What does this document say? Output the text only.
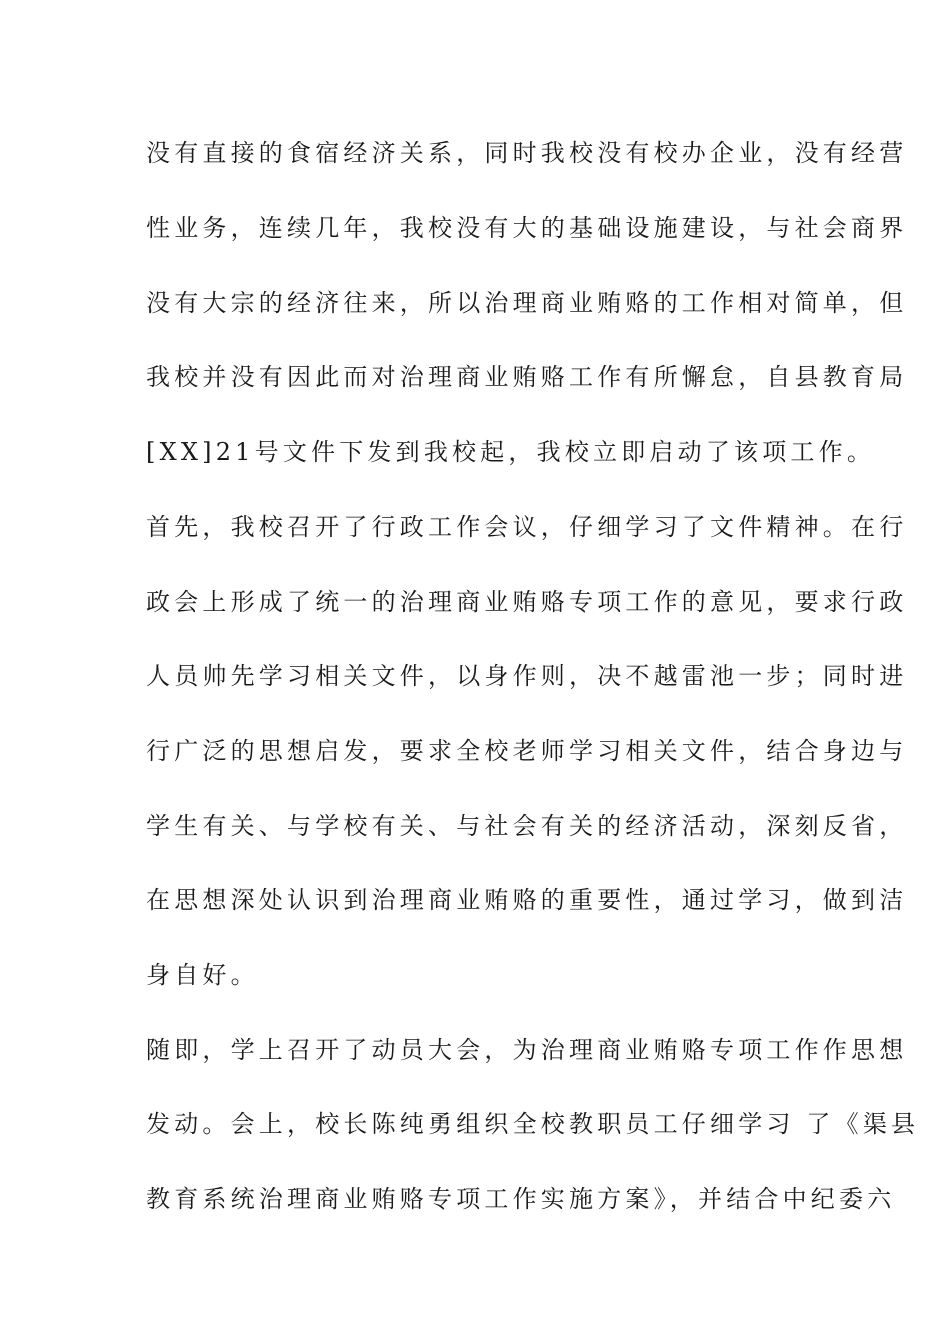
没有直接的食宿经济关系，同时我校没有校办企业，没有经营
性业务，连续几年，我校没有大的基础设施建设，与社会商界
没有大宗的经济往来，所以治理商业贿赂的工作相对简单，但
我校并没有因此而对治理商业贿赂工作有所懈怠，自县教育局
[XX]21号文件下发到我校起，我校立即启动了该项工作。
首先，我校召开了行政工作会议，仔细学习了文件精神。在行
政会上形成了统一的治理商业贿赂专项工作的意见，要求行政
人员帅先学习相关文件，以身作则，决不越雷池一步；同时进
行广泛的思想启发，要求全校老师学习相关文件，结合身边与
学生有关、与学校有关、与社会有关的经济活动，深刻反省，
在思想深处认识到治理商业贿赂的重要性，通过学习，做到洁
身自好。
随即，学上召开了动员大会，为治理商业贿赂专项工作作思想
发动。会上，校长陈纯勇组织全校教职员工仔细学习 了《渠县
教育系统治理商业贿赂专项工作实施方案》，并结合中纪委六
